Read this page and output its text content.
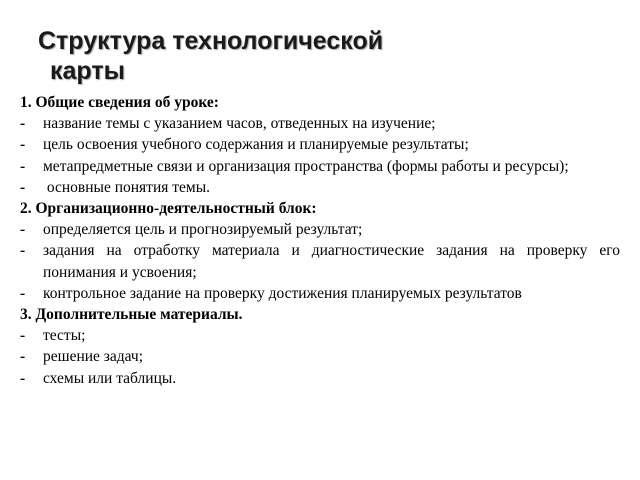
Структура технологической
карты

1. Общие сведения об уроке:

- название темы с указанием часов, отведенных на изучение;
- цель освоения учебного содержания и планируемые результаты;
- метапредметные связи и организация пространства (формы работы и ресурсы);
- основные понятия темы.

2. Организационно-деятельностный блок:

- определяется цель и прогнозируемый результат;
- задания на отработку материала и диагностические задания на проверку его понимания и усвоения;
- контрольное задание на проверку достижения планируемых результатов

3. Дополнительные материалы.

- тесты;
- решение задач;
- схемы или таблицы.
